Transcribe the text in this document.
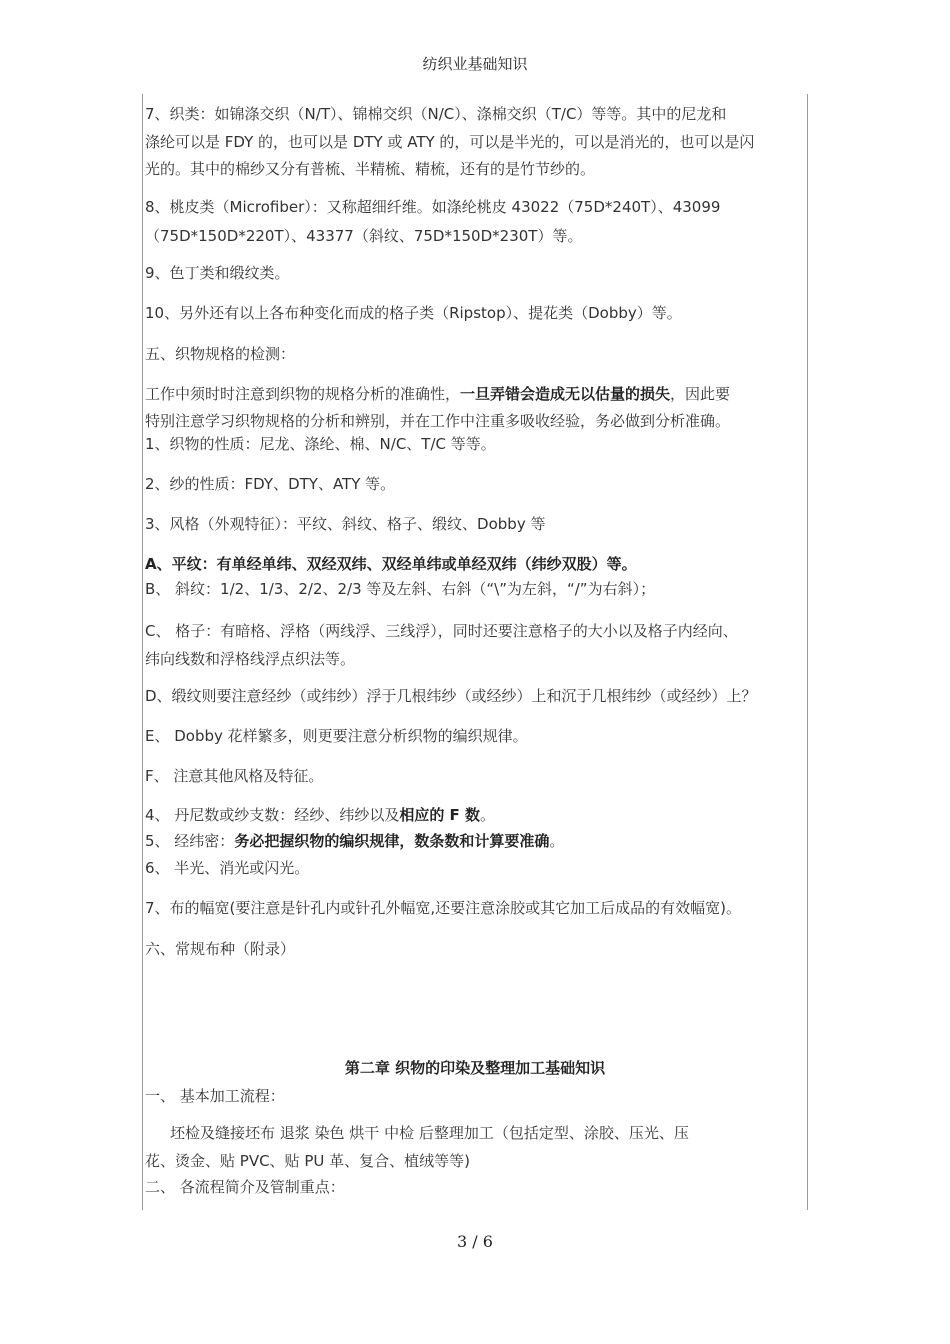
纺织业基础知识
7、织类：如锦涤交织（N/T）、锦棉交织（N/C）、涤棉交织（T/C）等等。其中的尼龙和
涤纶可以是 FDY 的，也可以是 DTY 或 ATY 的，可以是半光的，可以是消光的，也可以是闪
光的。其中的棉纱又分有普梳、半精梳、精梳，还有的是竹节纱的。
8、桃皮类（Microfiber）：又称超细纤维。如涤纶桃皮 43022（75D*240T）、43099
（75D*150D*220T）、43377（斜纹、75D*150D*230T）等。
9、色丁类和缎纹类。
10、另外还有以上各布种变化而成的格子类（Ripstop）、提花类（Dobby）等。
五、织物规格的检测：
工作中须时时注意到织物的规格分析的准确性，一旦弄错会造成无以估量的损失，因此要
特别注意学习织物规格的分析和辨别，并在工作中注重多吸收经验，务必做到分析准确。
1、织物的性质：尼龙、涤纶、棉、N/C、T/C 等等。
2、纱的性质：FDY、DTY、ATY 等。
3、风格（外观特征）：平纹、斜纹、格子、缎纹、Dobby 等
A、平纹：有单经单纬、双经双纬、双经单纬或单经双纬（纬纱双股）等。
B、 斜纹：1/2、1/3、2/2、2/3 等及左斜、右斜（“\”为左斜，“/”为右斜）；
C、 格子：有暗格、浮格（两线浮、三线浮），同时还要注意格子的大小以及格子内经向、
纬向线数和浮格线浮点织法等。
D、缎纹则要注意经纱（或纬纱）浮于几根纬纱（或经纱）上和沉于几根纬纱（或经纱）上？
E、 Dobby 花样繁多，则更要注意分析织物的编织规律。
F、 注意其他风格及特征。
4、 丹尼数或纱支数：经纱、纬纱以及相应的 F 数。
5、 经纬密：务必把握织物的编织规律，数条数和计算要准确。
6、 半光、消光或闪光。
7、布的幅宽(要注意是针孔内或针孔外幅宽,还要注意涂胶或其它加工后成品的有效幅宽)。
六、常规布种（附录）
第二章 织物的印染及整理加工基础知识
一、 基本加工流程：
坯检及缝接坯布 退浆 染色 烘干 中检 后整理加工（包括定型、涂胶、压光、压
花、烫金、贴 PVC、贴 PU 革、复合、植绒等等)
二、 各流程简介及管制重点：
3 / 6
